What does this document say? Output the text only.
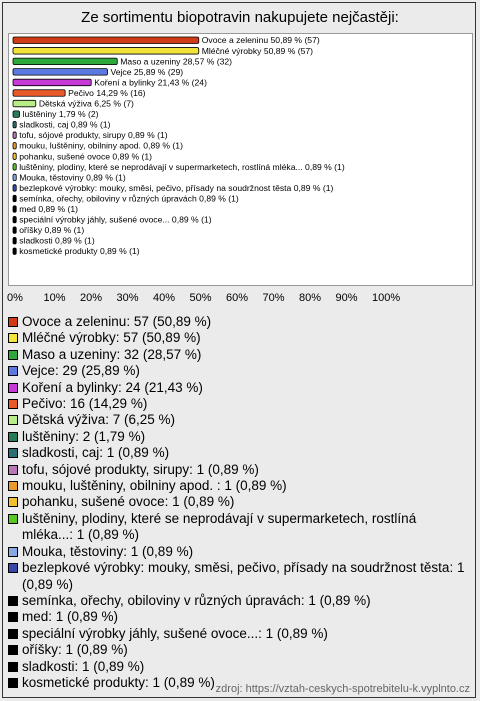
Ze sortimentu biopotravin nakupujete nejčastěji:
Ovoce a zeleninu 50,89 % (57)
Mléčné výrobky 50,89 % (57)
Maso a uzeniny 28,57 % (32)
Vejce 25,89 % (29)
Koření a bylinky 21,43 % (24)
Pečivo 14,29 % (16)
Dětská výživa 6,25 % (7)
luštěniny 1,79 % (2)
sladkosti, caj 0,89 % (1)
tofu, sójové produkty, sirupy 0,89 % (1)
mouku, luštěniny, obilniny apod. 0,89 % (1)
pohanku, sušené ovoce 0,89 % (1)
luštěniny, plodiny, které se neprodávají v supermarketech, rostlíná mléka... 0,89 % (1)
Mouka, těstoviny 0,89 % (1)
bezlepkové výrobky: mouky, směsi, pečivo, přísady na soudržnost těsta 0,89 % (1)
semínka, ořechy, obiloviny v různých úpravách 0,89 % (1)
med 0,89 % (1)
speciální výrobky jáhly, sušené ovoce... 0,89 % (1)
oříšky 0,89 % (1)
sladkosti 0,89 % (1)
kosmetické produkty 0,89 % (1)
Ovoce a zeleninu: 57 (50,89 %)
Mléčné výrobky: 57 (50,89 %)
Maso a uzeniny: 32 (28,57 %)
Vejce: 29 (25,89 %)
Koření a bylinky: 24 (21,43 %)
Pečivo: 16 (14,29 %)
Dětská výživa: 7 (6,25 %)
luštěniny: 2 (1,79 %)
sladkosti, caj: 1 (0,89 %)
tofu, sójové produkty, sirupy: 1 (0,89 %)
mouku, luštěniny, obilniny apod. : 1 (0,89 %)
pohanku, sušené ovoce: 1 (0,89 %)
luštěniny, plodiny, které se neprodávají v supermarketech, rostlíná mléka...: 1 (0,89 %)
Mouka, těstoviny: 1 (0,89 %)
bezlepkové výrobky: mouky, směsi, pečivo, přísady na soudržnost těsta: 1 (0,89 %)
semínka, ořechy, obiloviny v různých úpravách: 1 (0,89 %)
med: 1 (0,89 %)
speciální výrobky jáhly, sušené ovoce...: 1 (0,89 %)
oříšky: 1 (0,89 %)
sladkosti: 1 (0,89 %)
kosmetické produkty: 1 (0,89 %) zdroj: https://vztah-ceskych-spotrebitelu-k.vyplnto.cz
0% 10% 20% 30% 40% 50% 60% 70% 80% 90% 100%
